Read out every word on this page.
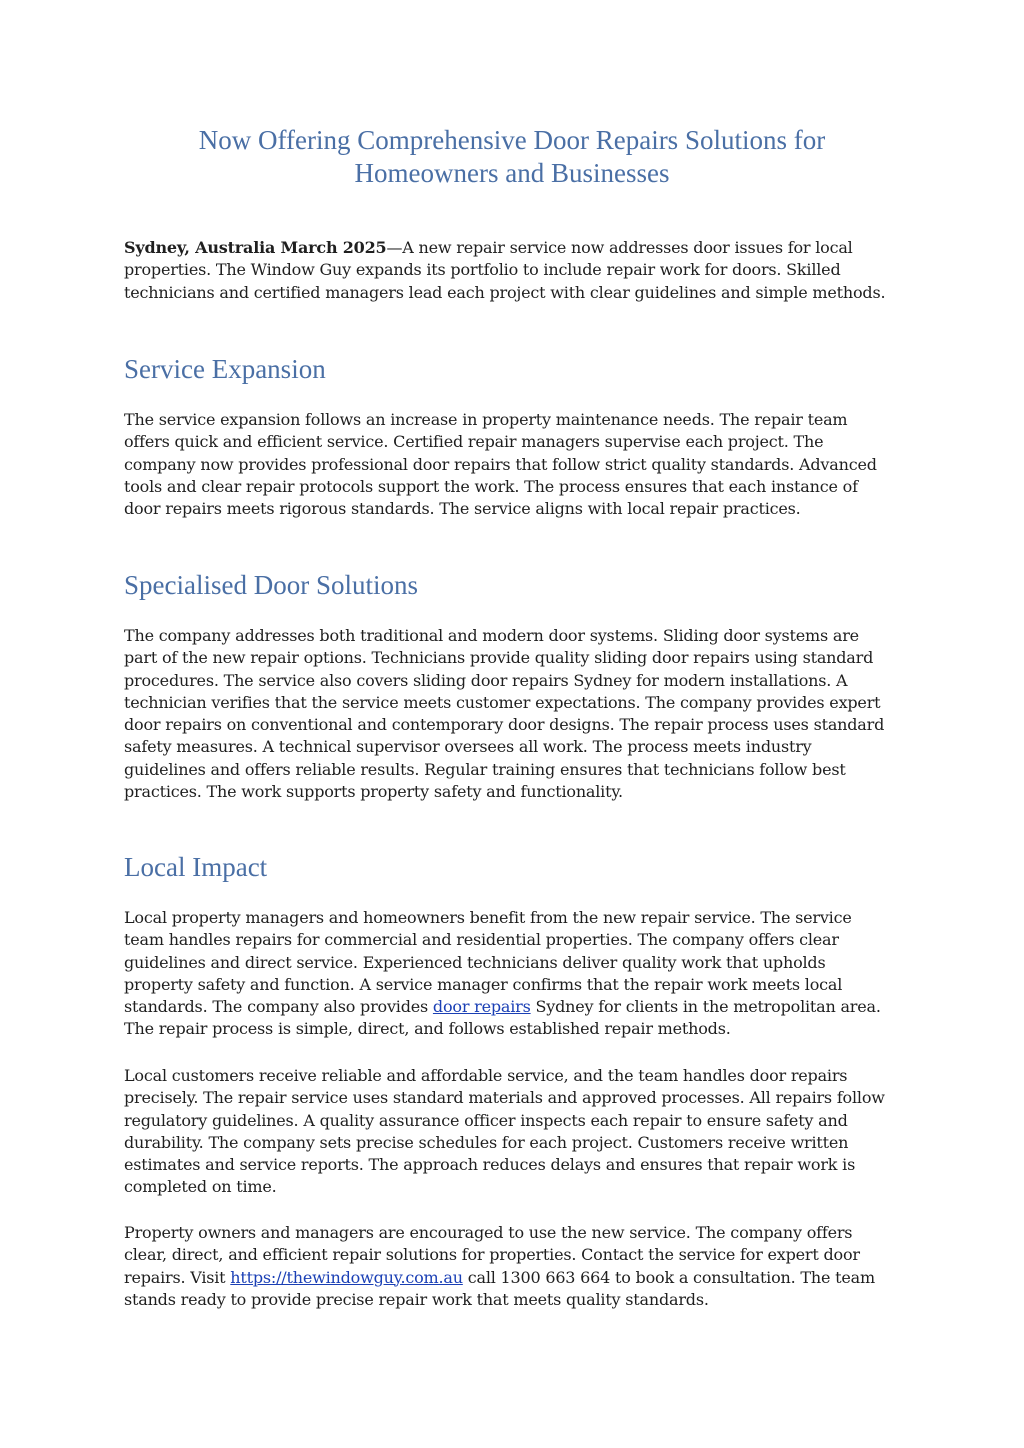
Now Offering Comprehensive Door Repairs Solutions for
Homeowners and Businesses

Sydney, Australia March 2025—A new repair service now addresses door issues for local
properties. The Window Guy expands its portfolio to include repair work for doors. Skilled
technicians and certified managers lead each project with clear guidelines and simple methods.

Service Expansion

The service expansion follows an increase in property maintenance needs. The repair team
offers quick and efficient service. Certified repair managers supervise each project. The
company now provides professional door repairs that follow strict quality standards. Advanced
tools and clear repair protocols support the work. The process ensures that each instance of
door repairs meets rigorous standards. The service aligns with local repair practices.

Specialised Door Solutions

The company addresses both traditional and modern door systems. Sliding door systems are
part of the new repair options. Technicians provide quality sliding door repairs using standard
procedures. The service also covers sliding door repairs Sydney for modern installations. A
technician verifies that the service meets customer expectations. The company provides expert
door repairs on conventional and contemporary door designs. The repair process uses standard
safety measures. A technical supervisor oversees all work. The process meets industry
guidelines and offers reliable results. Regular training ensures that technicians follow best
practices. The work supports property safety and functionality.

Local Impact

Local property managers and homeowners benefit from the new repair service. The service
team handles repairs for commercial and residential properties. The company offers clear
guidelines and direct service. Experienced technicians deliver quality work that upholds
property safety and function. A service manager confirms that the repair work meets local
standards. The company also provides door repairs Sydney for clients in the metropolitan area.
The repair process is simple, direct, and follows established repair methods.

Local customers receive reliable and affordable service, and the team handles door repairs
precisely. The repair service uses standard materials and approved processes. All repairs follow
regulatory guidelines. A quality assurance officer inspects each repair to ensure safety and
durability. The company sets precise schedules for each project. Customers receive written
estimates and service reports. The approach reduces delays and ensures that repair work is
completed on time.

Property owners and managers are encouraged to use the new service. The company offers
clear, direct, and efficient repair solutions for properties. Contact the service for expert door
repairs. Visit https://thewindowguy.com.au call 1300 663 664 to book a consultation. The team
stands ready to provide precise repair work that meets quality standards.
